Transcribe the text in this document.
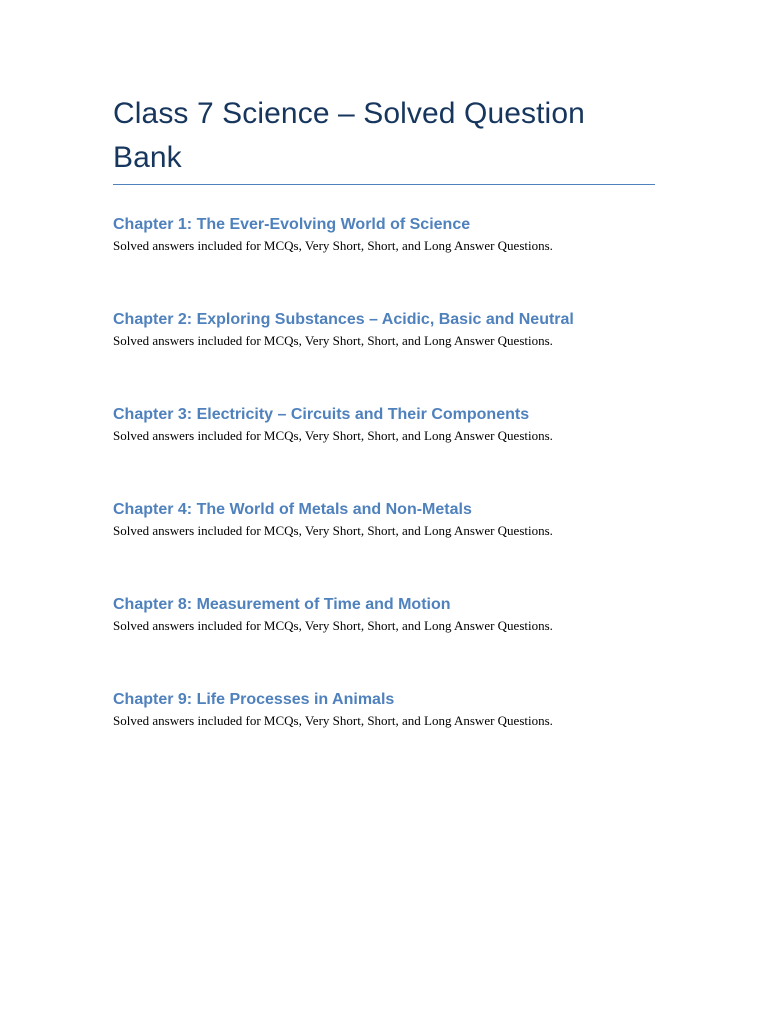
Class 7 Science – Solved Question Bank
Chapter 1: The Ever-Evolving World of Science

Solved answers included for MCQs, Very Short, Short, and Long Answer Questions.

Chapter 2: Exploring Substances – Acidic, Basic and Neutral

Solved answers included for MCQs, Very Short, Short, and Long Answer Questions.

Chapter 3: Electricity – Circuits and Their Components

Solved answers included for MCQs, Very Short, Short, and Long Answer Questions.

Chapter 4: The World of Metals and Non-Metals

Solved answers included for MCQs, Very Short, Short, and Long Answer Questions.

Chapter 8: Measurement of Time and Motion

Solved answers included for MCQs, Very Short, Short, and Long Answer Questions.

Chapter 9: Life Processes in Animals

Solved answers included for MCQs, Very Short, Short, and Long Answer Questions.
